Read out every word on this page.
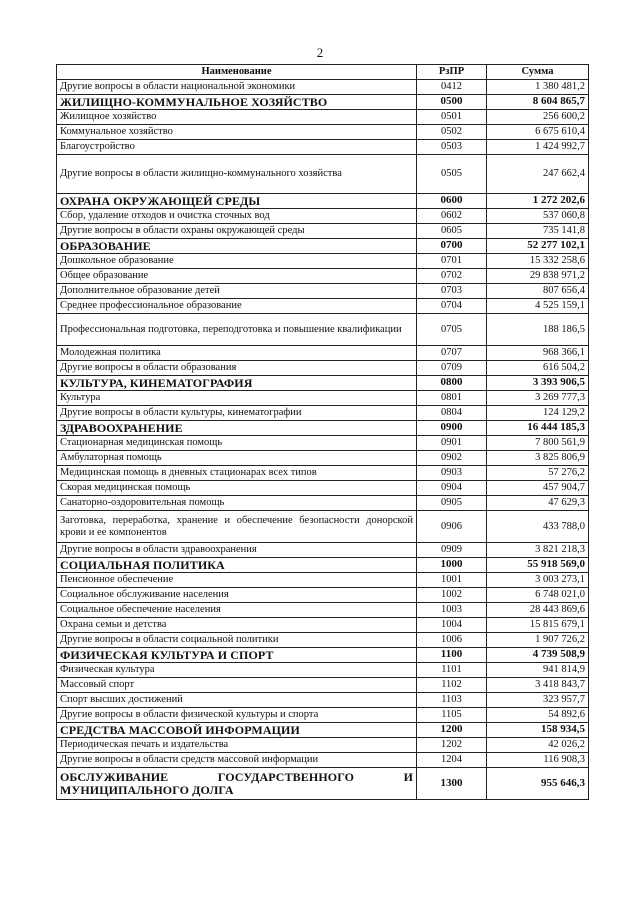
2
Наименование	РзПР	Сумма
Другие вопросы в области национальной экономики	0412	1 380 481,2
ЖИЛИЩНО-КОММУНАЛЬНОЕ ХОЗЯЙСТВО	0500	8 604 865,7
Жилищное хозяйство	0501	256 600,2
Коммунальное хозяйство	0502	6 675 610,4
Благоустройство	0503	1 424 992,7
Другие вопросы в области жилищно-коммунального хозяйства	0505	247 662,4
ОХРАНА ОКРУЖАЮЩЕЙ СРЕДЫ	0600	1 272 202,6
Сбор, удаление отходов и очистка сточных вод	0602	537 060,8
Другие вопросы в области охраны окружающей среды	0605	735 141,8
ОБРАЗОВАНИЕ	0700	52 277 102,1
Дошкольное образование	0701	15 332 258,6
Общее образование	0702	29 838 971,2
Дополнительное образование детей	0703	807 656,4
Среднее профессиональное образование	0704	4 525 159,1
Профессиональная подготовка, переподготовка и повышение квалификации	0705	188 186,5
Молодежная политика	0707	968 366,1
Другие вопросы в области образования	0709	616 504,2
КУЛЬТУРА, КИНЕМАТОГРАФИЯ	0800	3 393 906,5
Культура	0801	3 269 777,3
Другие вопросы в области культуры, кинематографии	0804	124 129,2
ЗДРАВООХРАНЕНИЕ	0900	16 444 185,3
Стационарная медицинская помощь	0901	7 800 561,9
Амбулаторная помощь	0902	3 825 806,9
Медицинская помощь в дневных стационарах всех типов	0903	57 276,2
Скорая медицинская помощь	0904	457 904,7
Санаторно-оздоровительная помощь	0905	47 629,3
Заготовка, переработка, хранение и обеспечение безопасности донорской крови и ее компонентов	0906	433 788,0
Другие вопросы в области здравоохранения	0909	3 821 218,3
СОЦИАЛЬНАЯ ПОЛИТИКА	1000	55 918 569,0
Пенсионное обеспечение	1001	3 003 273,1
Социальное обслуживание населения	1002	6 748 021,0
Социальное обеспечение населения	1003	28 443 869,6
Охрана семьи и детства	1004	15 815 679,1
Другие вопросы в области социальной политики	1006	1 907 726,2
ФИЗИЧЕСКАЯ КУЛЬТУРА И СПОРТ	1100	4 739 508,9
Физическая культура	1101	941 814,9
Массовый спорт	1102	3 418 843,7
Спорт высших достижений	1103	323 957,7
Другие вопросы в области физической культуры и спорта	1105	54 892,6
СРЕДСТВА МАССОВОЙ ИНФОРМАЦИИ	1200	158 934,5
Периодическая печать и издательства	1202	42 026,2
Другие вопросы в области средств массовой информации	1204	116 908,3
ОБСЛУЖИВАНИЕ ГОСУДАРСТВЕННОГО И МУНИЦИПАЛЬНОГО ДОЛГА	1300	955 646,3
